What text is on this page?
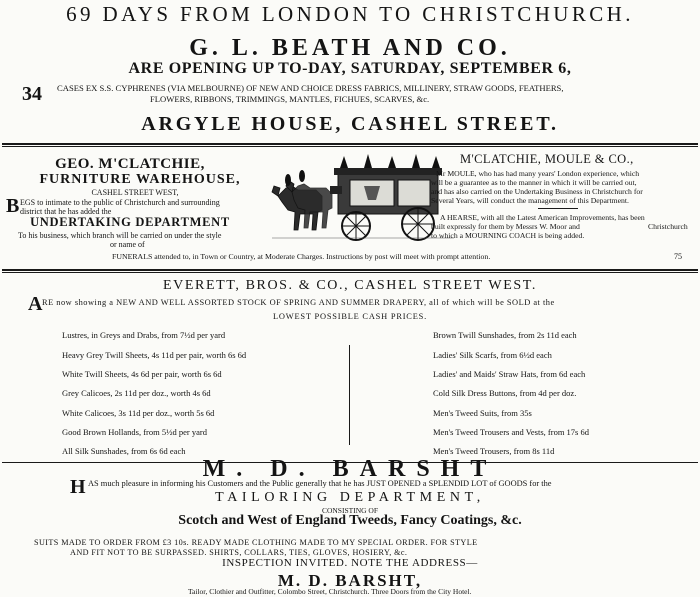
69 DAYS FROM LONDON TO CHRISTCHURCH.
G. L. BEATH AND CO.
ARE OPENING UP TO-DAY, SATURDAY, SEPTEMBER 6,
34 CASES EX S.S. CYPHRENES (VIA MELBOURNE) OF NEW AND CHOICE DRESS FABRICS, MILLINERY, STRAW GOODS, FEATHERS,
FLOWERS, RIBBONS, TRIMMINGS, MANTLES, FICHUES, SCARVES, &c.
ARGYLE HOUSE, CASHEL STREET.
GEO. M'CLATCHIE,
FURNITURE WAREHOUSE,
CASHEL STREET WEST,
B EGS to intimate to the public of Christchurch and surrounding
district that he has added the
UNDERTAKING DEPARTMENT
To his business, which branch will be carried on under the style
or name of
M'CLATCHIE, MOULE & CO.,
Mr MOULE, who has had many years' London experience, which
will be a guarantee as to the manner in which it will be carried out,
and has also carried on the Undertaking Business in Christchurch for
Several Years, will conduct the management of this Department.
A HEARSE, with all the Latest American Improvements, has been
built expressly for them by Messrs W. Moor and	Christchurch
to which a MOURNING COACH is being added.
FUNERALS attended to, in Town or Country, at Moderate Charges. Instructions by post will meet with prompt attention.	75
EVERETT, BROS. & CO., CASHEL STREET WEST.
A RE now showing a NEW AND WELL ASSORTED STOCK OF SPRING AND SUMMER DRAPERY, all of which will be SOLD at the
LOWEST POSSIBLE CASH PRICES.
Lustres, in Greys and Drabs, from 7½d per yard
Heavy Grey Twill Sheets, 4s 11d per pair, worth 6s 6d
White Twill Sheets, 4s 6d per pair, worth 6s 6d
Grey Calicoes, 2s 11d per doz., worth 4s 6d
White Calicoes, 3s 11d per doz., worth 5s 6d
Good Brown Hollands, from 5½d per yard
All Silk Sunshades, from 6s 6d each
Brown Twill Sunshades, from 2s 11d each
Ladies' Silk Scarfs, from 6½d each
Ladies' and Maids' Straw Hats, from 6d each
Cold Silk Dress Buttons, from 4d per doz.
Men's Tweed Suits, from 35s
Men's Tweed Trousers and Vests, from 17s 6d
Men's Tweed Trousers, from 8s 11d
M. D. BARSHT
H AS much pleasure in informing his Customers and the Public generally that he has JUST OPENED a SPLENDID LOT of GOODS for the
TAILORING DEPARTMENT,
CONSISTING OF
Scotch and West of England Tweeds, Fancy Coatings, &c.
SUITS MADE TO ORDER FROM £3 10s. READY MADE CLOTHING MADE TO MY SPECIAL ORDER. FOR STYLE
AND FIT NOT TO BE SURPASSED. SHIRTS, COLLARS, TIES, GLOVES, HOSIERY, &c.
INSPECTION INVITED. NOTE THE ADDRESS—
M. D. BARSHT,
Tailor, Clothier and Outfitter, Colombo Street, Christchurch. Three Doors from the City Hotel.
